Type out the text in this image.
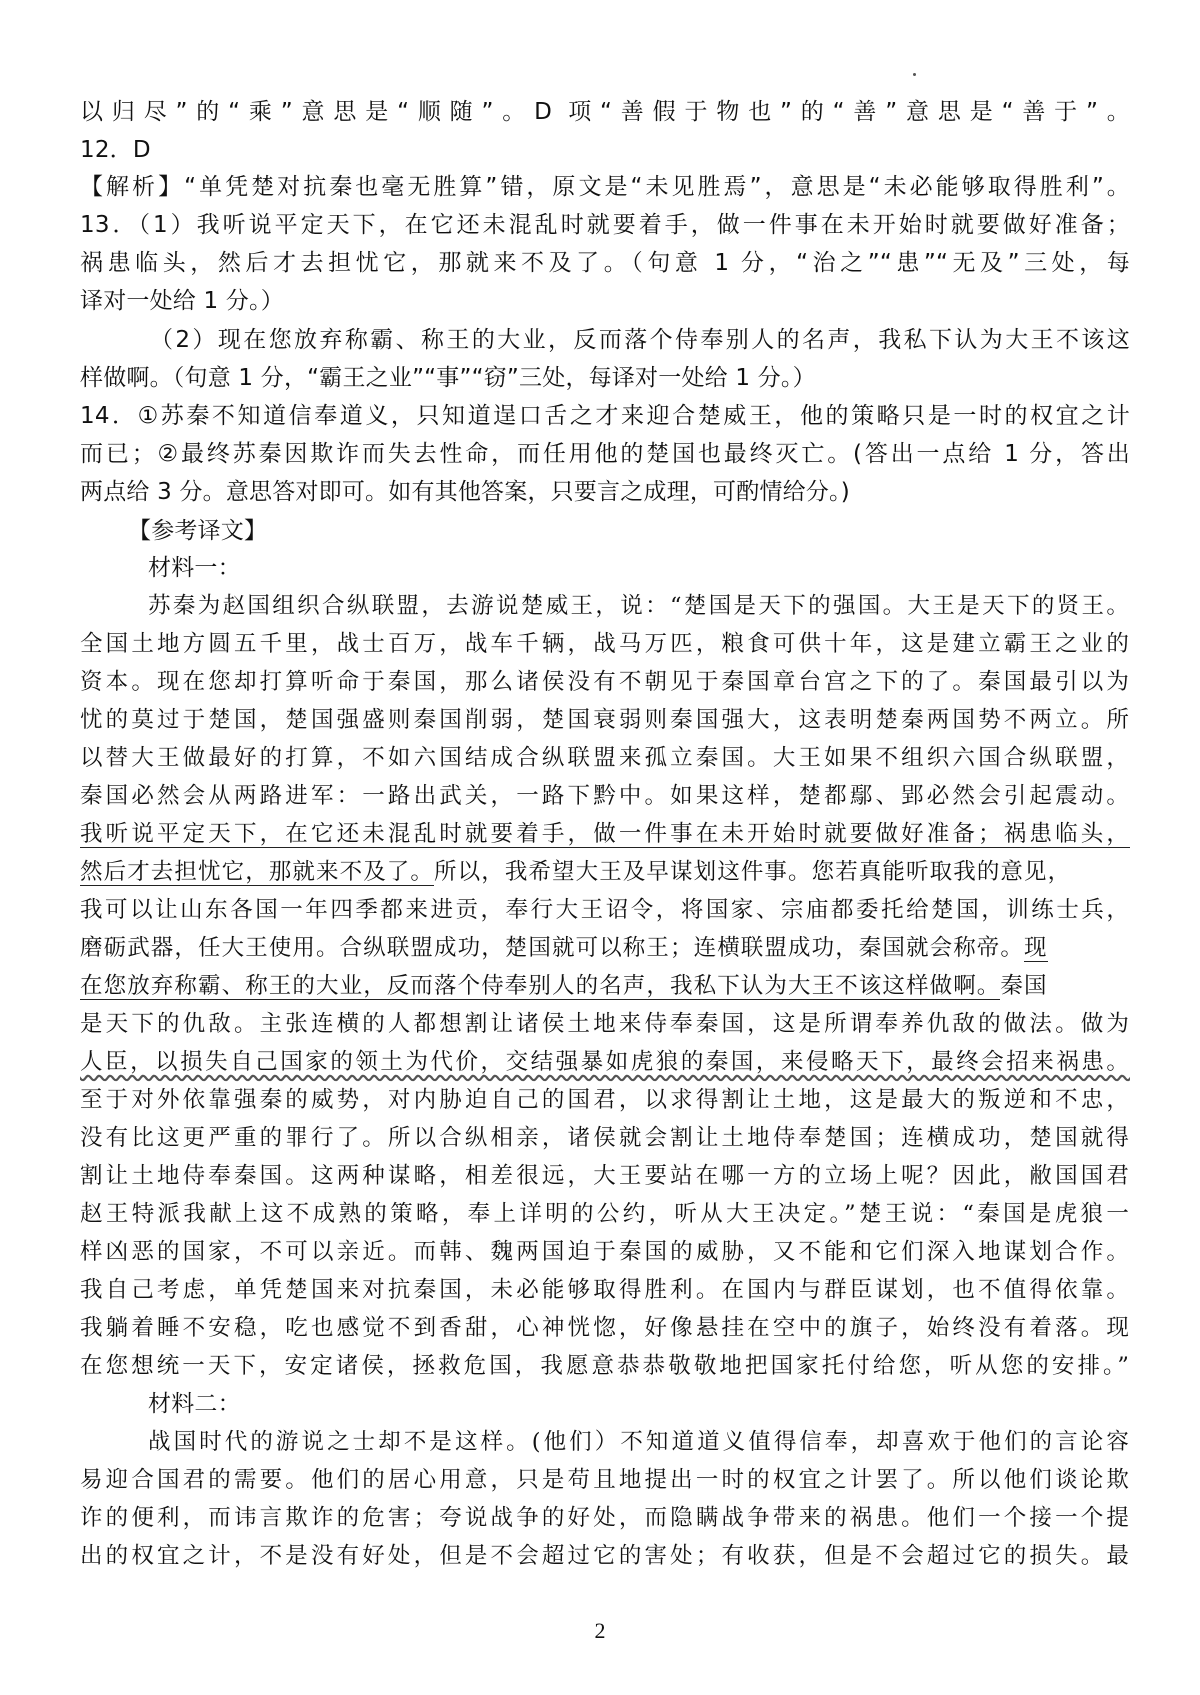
以归尽”的“乘”意思是“顺随”。D 项“善假于物也”的“善”意思是“善于”。
12．D
【解析】“单凭楚对抗秦也毫无胜算”错，原文是“未见胜焉”，意思是“未必能够取得胜利”。
13．（1）我听说平定天下，在它还未混乱时就要着手，做一件事在未开始时就要做好准备；
祸患临头，然后才去担忧它，那就来不及了。（句意 1 分，“治之”“患”“无及”三处，每
译对一处给 1 分。）
（2）现在您放弃称霸、称王的大业，反而落个侍奉别人的名声，我私下认为大王不该这
样做啊。（句意 1 分，“霸王之业”“事”“窃”三处，每译对一处给 1 分。）
14．①苏秦不知道信奉道义，只知道逞口舌之才来迎合楚威王，他的策略只是一时的权宜之计
而已；②最终苏秦因欺诈而失去性命，而任用他的楚国也最终灭亡。(答出一点给 1 分，答出
两点给 3 分。意思答对即可。如有其他答案，只要言之成理，可酌情给分。)
【参考译文】
材料一：
苏秦为赵国组织合纵联盟，去游说楚威王，说：“楚国是天下的强国。大王是天下的贤王。
全国土地方圆五千里，战士百万，战车千辆，战马万匹，粮食可供十年，这是建立霸王之业的
资本。现在您却打算听命于秦国，那么诸侯没有不朝见于秦国章台宫之下的了。秦国最引以为
忧的莫过于楚国，楚国强盛则秦国削弱，楚国衰弱则秦国强大，这表明楚秦两国势不两立。所
以替大王做最好的打算，不如六国结成合纵联盟来孤立秦国。大王如果不组织六国合纵联盟，
秦国必然会从两路进军：一路出武关，一路下黔中。如果这样，楚都鄢、郢必然会引起震动。
我听说平定天下，在它还未混乱时就要着手，做一件事在未开始时就要做好准备；祸患临头，
然后才去担忧它，那就来不及了。所以，我希望大王及早谋划这件事。您若真能听取我的意见，
我可以让山东各国一年四季都来进贡，奉行大王诏令，将国家、宗庙都委托给楚国，训练士兵，
磨砺武器，任大王使用。合纵联盟成功，楚国就可以称王；连横联盟成功，秦国就会称帝。现
在您放弃称霸、称王的大业，反而落个侍奉别人的名声，我私下认为大王不该这样做啊。秦国
是天下的仇敌。主张连横的人都想割让诸侯土地来侍奉秦国，这是所谓奉养仇敌的做法。做为
人臣，以损失自己国家的领土为代价，交结强暴如虎狼的秦国，来侵略天下，最终会招来祸患。
至于对外依靠强秦的威势，对内胁迫自己的国君，以求得割让土地，这是最大的叛逆和不忠，
没有比这更严重的罪行了。所以合纵相亲，诸侯就会割让土地侍奉楚国；连横成功，楚国就得
割让土地侍奉秦国。这两种谋略，相差很远，大王要站在哪一方的立场上呢？因此，敝国国君
赵王特派我献上这不成熟的策略，奉上详明的公约，听从大王决定。”楚王说：“秦国是虎狼一
样凶恶的国家，不可以亲近。而韩、魏两国迫于秦国的威胁，又不能和它们深入地谋划合作。
我自己考虑，单凭楚国来对抗秦国，未必能够取得胜利。在国内与群臣谋划，也不值得依靠。
我躺着睡不安稳，吃也感觉不到香甜，心神恍惚，好像悬挂在空中的旗子，始终没有着落。现
在您想统一天下，安定诸侯，拯救危国，我愿意恭恭敬敬地把国家托付给您，听从您的安排。”
材料二：
战国时代的游说之士却不是这样。(他们）不知道道义值得信奉，却喜欢于他们的言论容
易迎合国君的需要。他们的居心用意，只是苟且地提出一时的权宜之计罢了。所以他们谈论欺
诈的便利，而讳言欺诈的危害；夸说战争的好处，而隐瞒战争带来的祸患。他们一个接一个提
出的权宜之计，不是没有好处，但是不会超过它的害处；有收获，但是不会超过它的损失。最
2
